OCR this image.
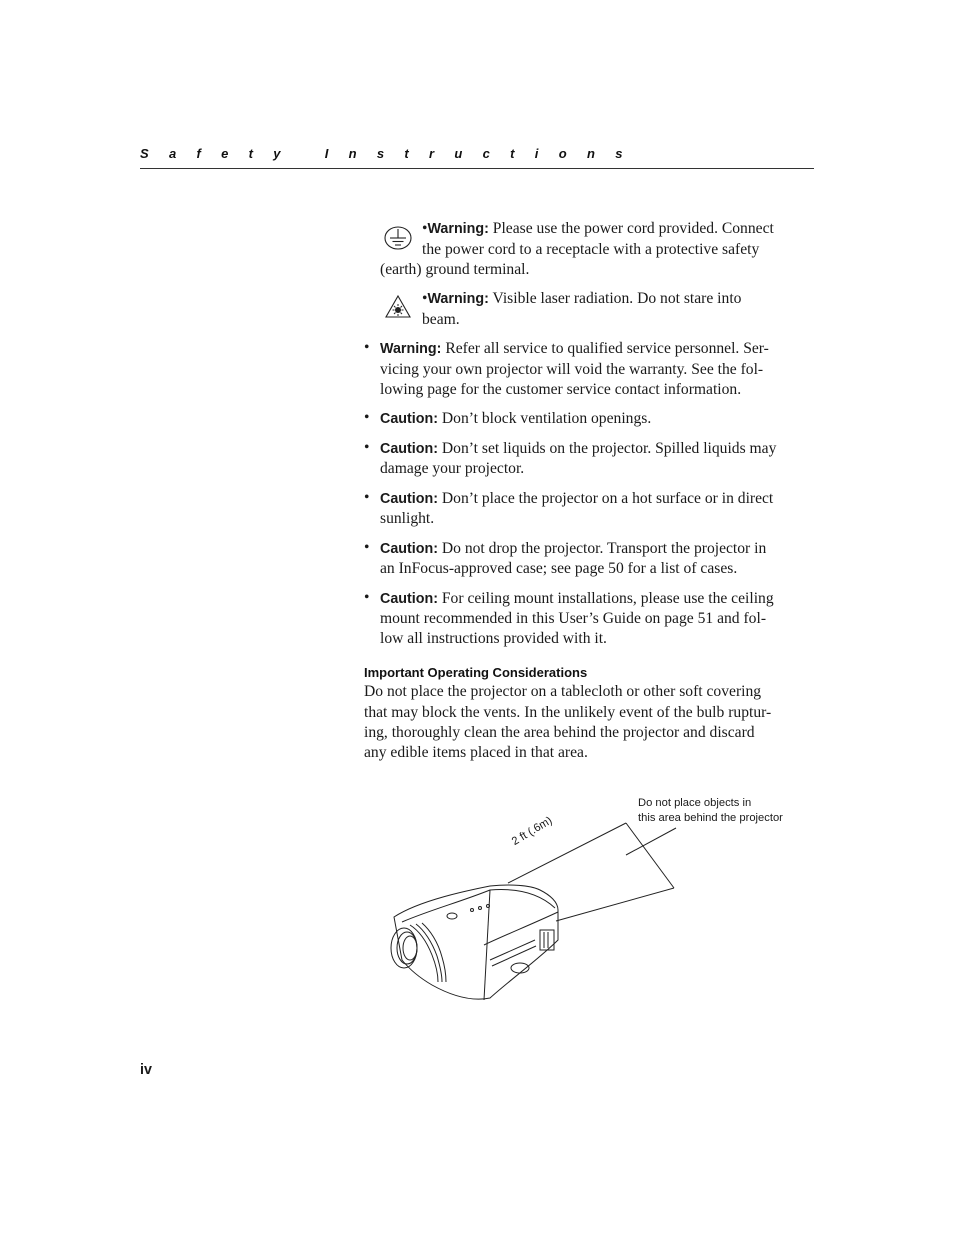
Safety Instructions

•Warning: Please use the power cord provided. Connect

the power cord to a receptacle with a protective safety

(earth) ground terminal.

•Warning: Visible laser radiation. Do not stare into

beam.

• Warning: Refer all service to qualified service personnel. Ser-

vicing your own projector will void the warranty. See the fol-

lowing page for the customer service contact information.

• Caution: Don’t block ventilation openings.

• Caution: Don’t set liquids on the projector. Spilled liquids may

damage your projector.

• Caution: Don’t place the projector on a hot surface or in direct

sunlight.

• Caution: Do not drop the projector. Transport the projector in

an InFocus-approved case; see page 50 for a list of cases.

• Caution: For ceiling mount installations, please use the ceiling

mount recommended in this User’s Guide on page 51 and fol-

low all instructions provided with it.

Important Operating Considerations

Do not place the projector on a tablecloth or other soft covering

that may block the vents. In the unlikely event of the bulb ruptur-

ing, thoroughly clean the area behind the projector and discard

any edible items placed in that area.

Do not place objects in
this area behind the projector
2 ft (.6m)
iv
